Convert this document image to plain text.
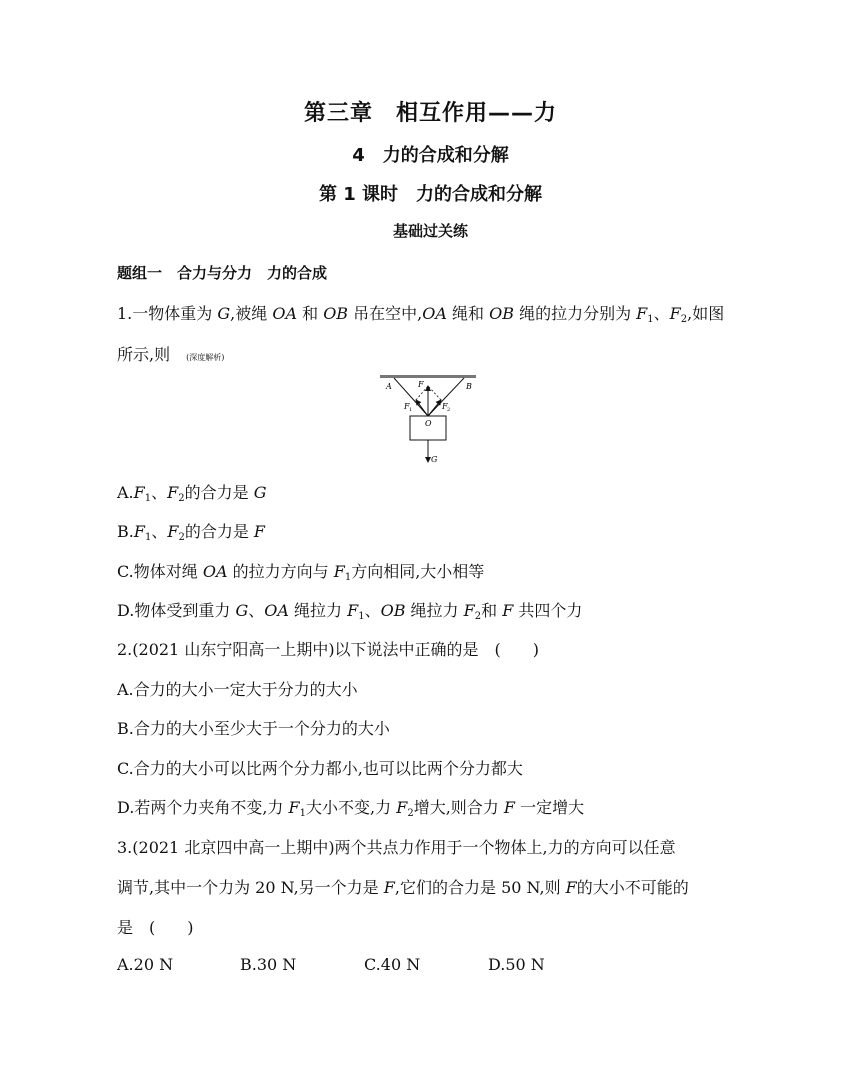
第三章　相互作用——力
4　力的合成和分解
第 1 课时　力的合成和分解
基础过关练
题组一　合力与分力　力的合成
1.一物体重为 G,被绳 OA 和 OB 吊在空中,OA 绳和 OB 绳的拉力分别为 $F_1$、$F_2$,如图
所示,则　(深度解析)
A	B
F
F 1	F 2
O
G
$A.F_1$、$F_2$的合力是 G
$B.F_1$、$F_2$的合力是 F
C.物体对绳 OA 的拉力方向与 $F_1$方向相同,大小相等
D.物体受到重力 G、OA 绳拉力 $F_1$、OB 绳拉力 $F_2$和 F 共四个力
2.(2021 山东宁阳高一上期中)以下说法中正确的是　(　　)
A.合力的大小一定大于分力的大小
B.合力的大小至少大于一个分力的大小
C.合力的大小可以比两个分力都小,也可以比两个分力都大
D.若两个力夹角不变,力 $F_1$大小不变,力 $F_2$增大,则合力 F 一定增大
3.(2021 北京四中高一上期中)两个共点力作用于一个物体上,力的方向可以任意
调节,其中一个力为 20 N,另一个力是 F,它们的合力是 50 N,则 F的大小不可能的
是　(　　)
A.20 N	B.30 N	C.40 N	D.50 N
